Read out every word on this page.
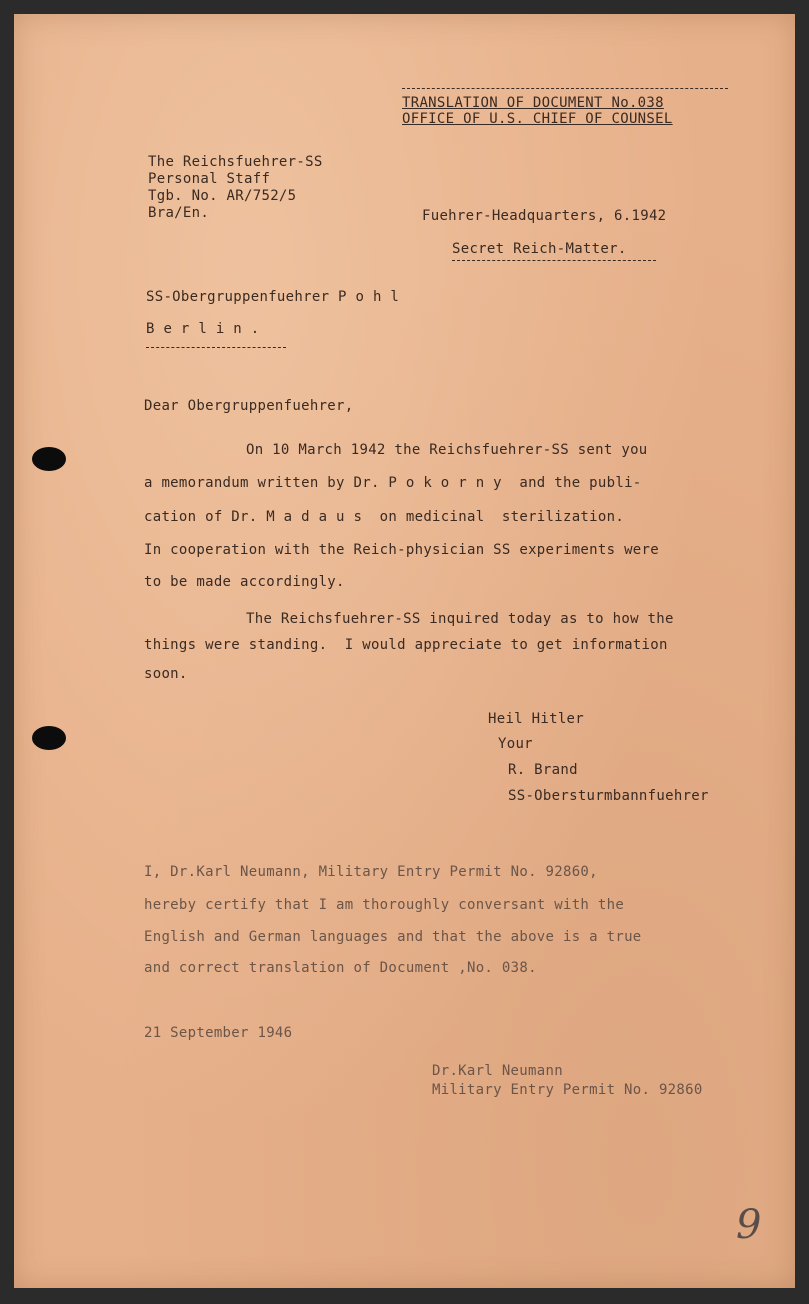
TRANSLATION OF DOCUMENT No.038
OFFICE OF U.S. CHIEF OF COUNSEL
The Reichsfuehrer-SS
Personal Staff
Tgb. No. AR/752/5
Bra/En.	Fuehrer-Headquarters, 6.1942
Secret Reich-Matter.
SS-Obergruppenfuehrer P o h l
B e r l i n .
Dear Obergruppenfuehrer,
On 10 March 1942 the Reichsfuehrer-SS sent you
a memorandum written by Dr. P o k o r n y  and the publi-
cation of Dr. M a d a u s  on medicinal  sterilization.
In cooperation with the Reich-physician SS experiments were
to be made accordingly.
The Reichsfuehrer-SS inquired today as to how the
things were standing.  I would appreciate to get information
soon.
Heil Hitler
Your
R. Brand
SS-Obersturmbannfuehrer
I, Dr.Karl Neumann, Military Entry Permit No. 92860,
hereby certify that I am thoroughly conversant with the
English and German languages and that the above is a true
and correct translation of Document ,No. 038.
21 September 1946
Dr.Karl Neumann
Military Entry Permit No. 92860
9
